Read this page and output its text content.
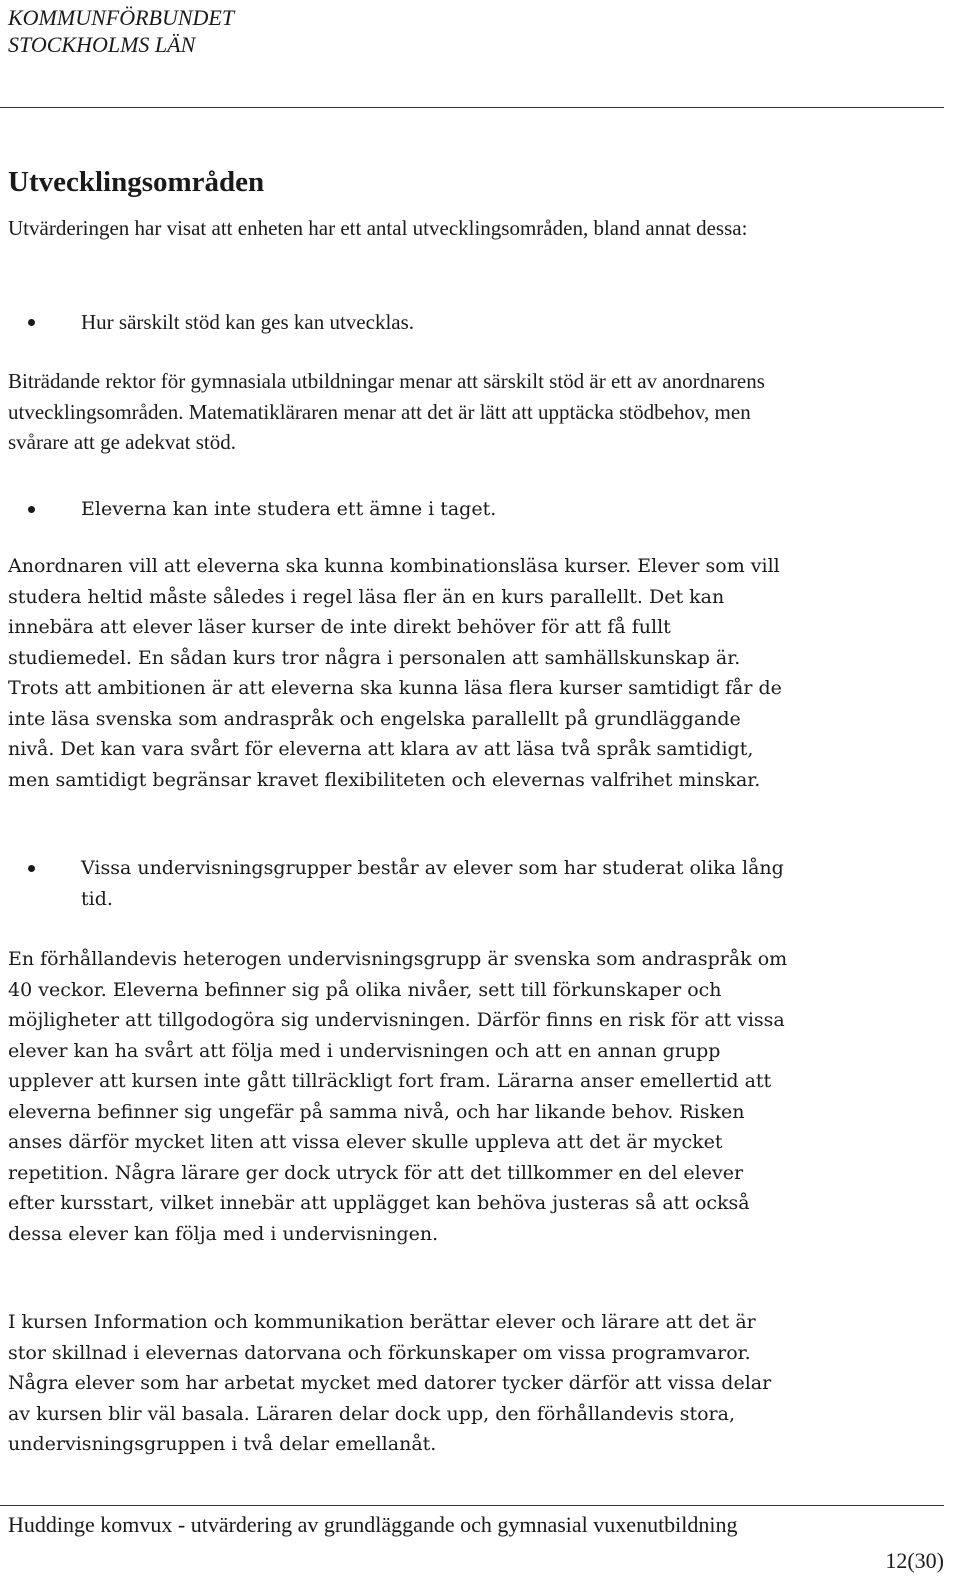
KOMMUNFÖRBUNDET
STOCKHOLMS LÄN
Utvecklingsområden

Utvärderingen har visat att enheten har ett antal utvecklingsområden, bland annat dessa:

Hur särskilt stöd kan ges kan utvecklas.

Biträdande rektor för gymnasiala utbildningar menar att särskilt stöd är ett av anordnarens utvecklingsområden. Matematikläraren menar att det är lätt att upptäcka stödbehov, men svårare att ge adekvat stöd.

Eleverna kan inte studera ett ämne i taget.

Anordnaren vill att eleverna ska kunna kombinationsläsa kurser. Elever som vill studera heltid måste således i regel läsa fler än en kurs parallellt. Det kan innebära att elever läser kurser de inte direkt behöver för att få fullt studiemedel. En sådan kurs tror några i personalen att samhällskunskap är. Trots att ambitionen är att eleverna ska kunna läsa flera kurser samtidigt får de inte läsa svenska som andraspråk och engelska parallellt på grundläggande nivå. Det kan vara svårt för eleverna att klara av att läsa två språk samtidigt, men samtidigt begränsar kravet flexibiliteten och elevernas valfrihet minskar.

Vissa undervisningsgrupper består av elever som har studerat olika lång tid.

En förhållandevis heterogen undervisningsgrupp är svenska som andraspråk om 40 veckor. Eleverna befinner sig på olika nivåer, sett till förkunskaper och möjligheter att tillgodogöra sig undervisningen. Därför finns en risk för att vissa elever kan ha svårt att följa med i undervisningen och att en annan grupp upplever att kursen inte gått tillräckligt fort fram. Lärarna anser emellertid att eleverna befinner sig ungefär på samma nivå, och har likande behov. Risken anses därför mycket liten att vissa elever skulle uppleva att det är mycket repetition. Några lärare ger dock utryck för att det tillkommer en del elever efter kursstart, vilket innebär att upplägget kan behöva justeras så att också dessa elever kan följa med i undervisningen.

I kursen Information och kommunikation berättar elever och lärare att det är stor skillnad i elevernas datorvana och förkunskaper om vissa programvaror. Några elever som har arbetat mycket med datorer tycker därför att vissa delar av kursen blir väl basala. Läraren delar dock upp, den förhållandevis stora, undervisningsgruppen i två delar emellanåt.

Huddinge komvux - utvärdering av grundläggande och gymnasial vuxenutbildning
12(30)
